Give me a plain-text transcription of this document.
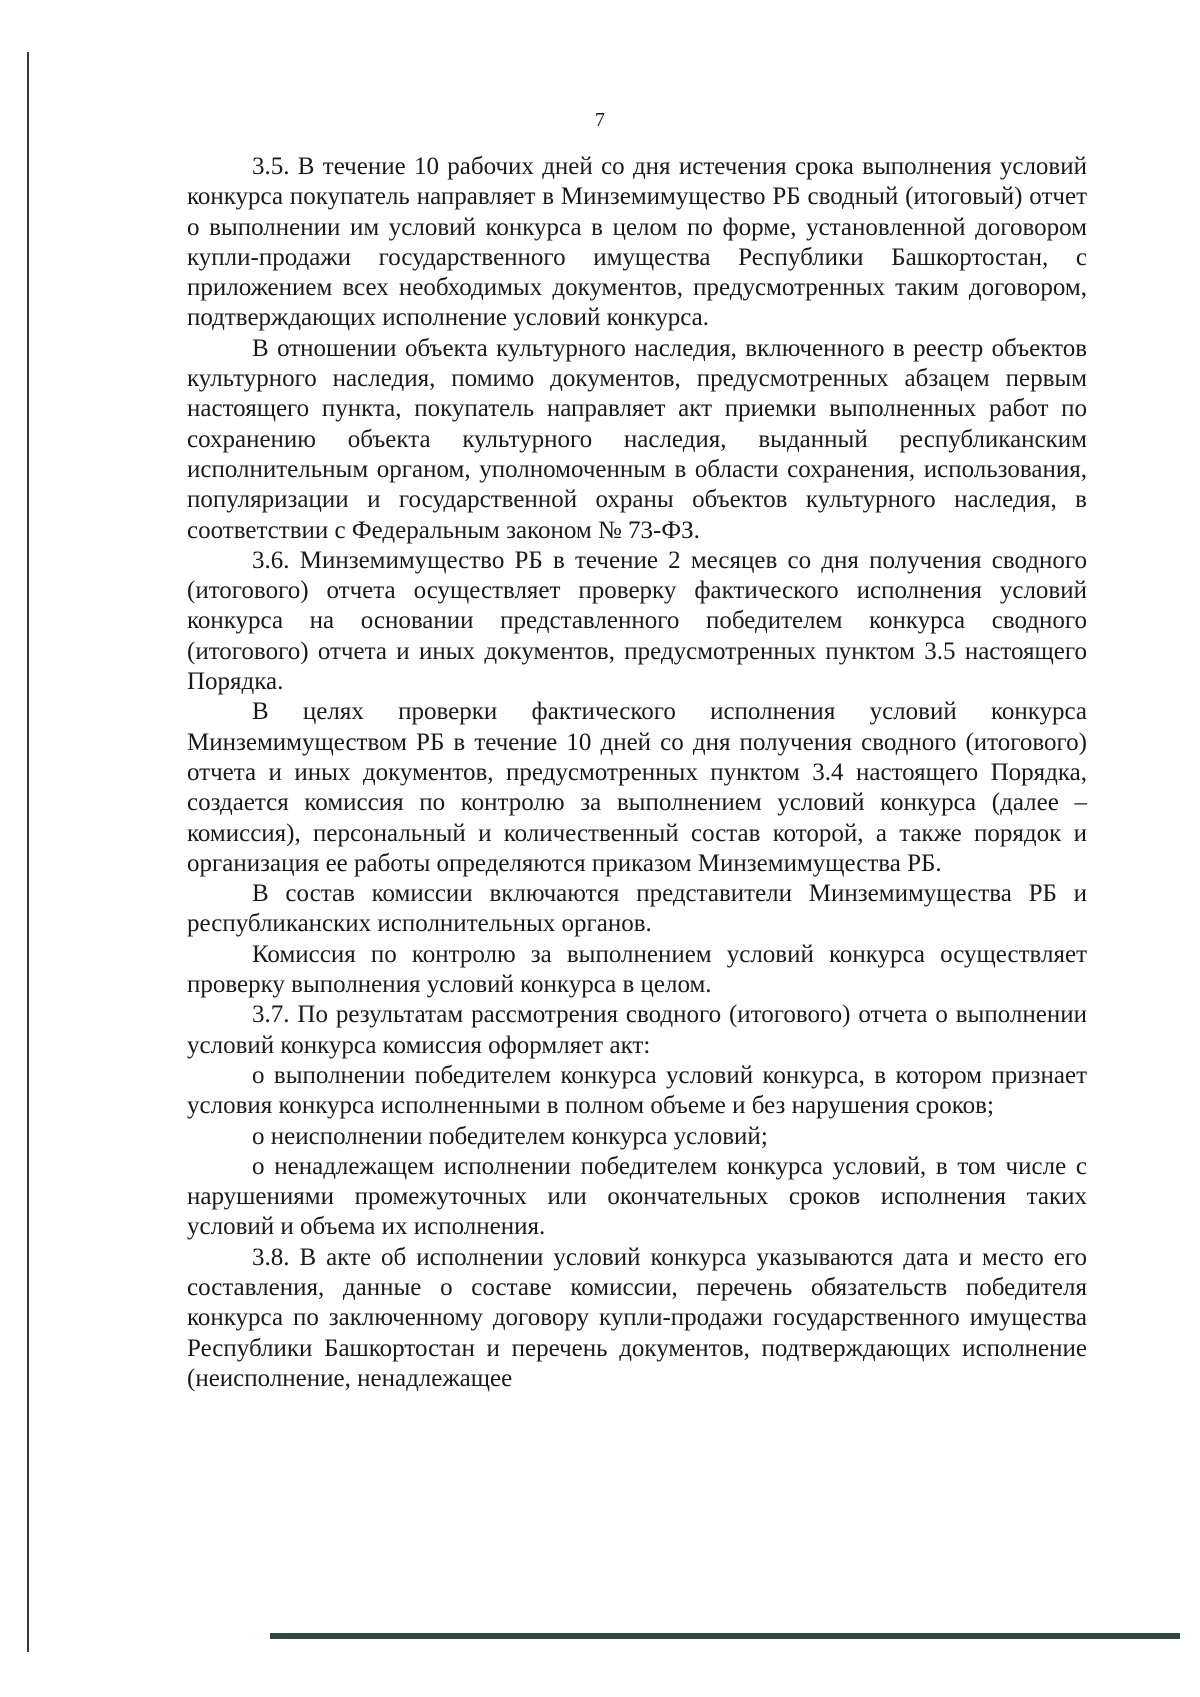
7

3.5. В течение 10 рабочих дней со дня истечения срока выполнения условий конкурса покупатель направляет в Минземимущество РБ сводный (итоговый) отчет о выполнении им условий конкурса в целом по форме, установленной договором купли-продажи государственного имущества Республики Башкортостан, с приложением всех необходимых документов, предусмотренных таким договором, подтверждающих исполнение условий конкурса.

В отношении объекта культурного наследия, включенного в реестр объектов культурного наследия, помимо документов, предусмотренных абзацем первым настоящего пункта, покупатель направляет акт приемки выполненных работ по сохранению объекта культурного наследия, выданный республиканским исполнительным органом, уполномоченным в области сохранения, использования, популяризации и государственной охраны объектов культурного наследия, в соответствии с Федеральным законом № 73-ФЗ.

3.6. Минземимущество РБ в течение 2 месяцев со дня получения сводного (итогового) отчета осуществляет проверку фактического исполнения условий конкурса на основании представленного победителем конкурса сводного (итогового) отчета и иных документов, предусмотренных пунктом 3.5 настоящего Порядка.

В целях проверки фактического исполнения условий конкурса Минземимуществом РБ в течение 10 дней со дня получения сводного (итогового) отчета и иных документов, предусмотренных пунктом 3.4 настоящего Порядка, создается комиссия по контролю за выполнением условий конкурса (далее – комиссия), персональный и количественный состав которой, а также порядок и организация ее работы определяются приказом Минземимущества РБ.

В состав комиссии включаются представители Минземимущества РБ и республиканских исполнительных органов.

Комиссия по контролю за выполнением условий конкурса осуществляет проверку выполнения условий конкурса в целом.

3.7. По результатам рассмотрения сводного (итогового) отчета о выполнении условий конкурса комиссия оформляет акт:

о выполнении победителем конкурса условий конкурса, в котором признает условия конкурса исполненными в полном объеме и без нарушения сроков;

о неисполнении победителем конкурса условий;

о ненадлежащем исполнении победителем конкурса условий, в том числе с нарушениями промежуточных или окончательных сроков исполнения таких условий и объема их исполнения.

3.8. В акте об исполнении условий конкурса указываются дата и место его составления, данные о составе комиссии, перечень обязательств победителя конкурса по заключенному договору купли-продажи государственного имущества Республики Башкортостан и перечень документов, подтверждающих исполнение (неисполнение, ненадлежащее
